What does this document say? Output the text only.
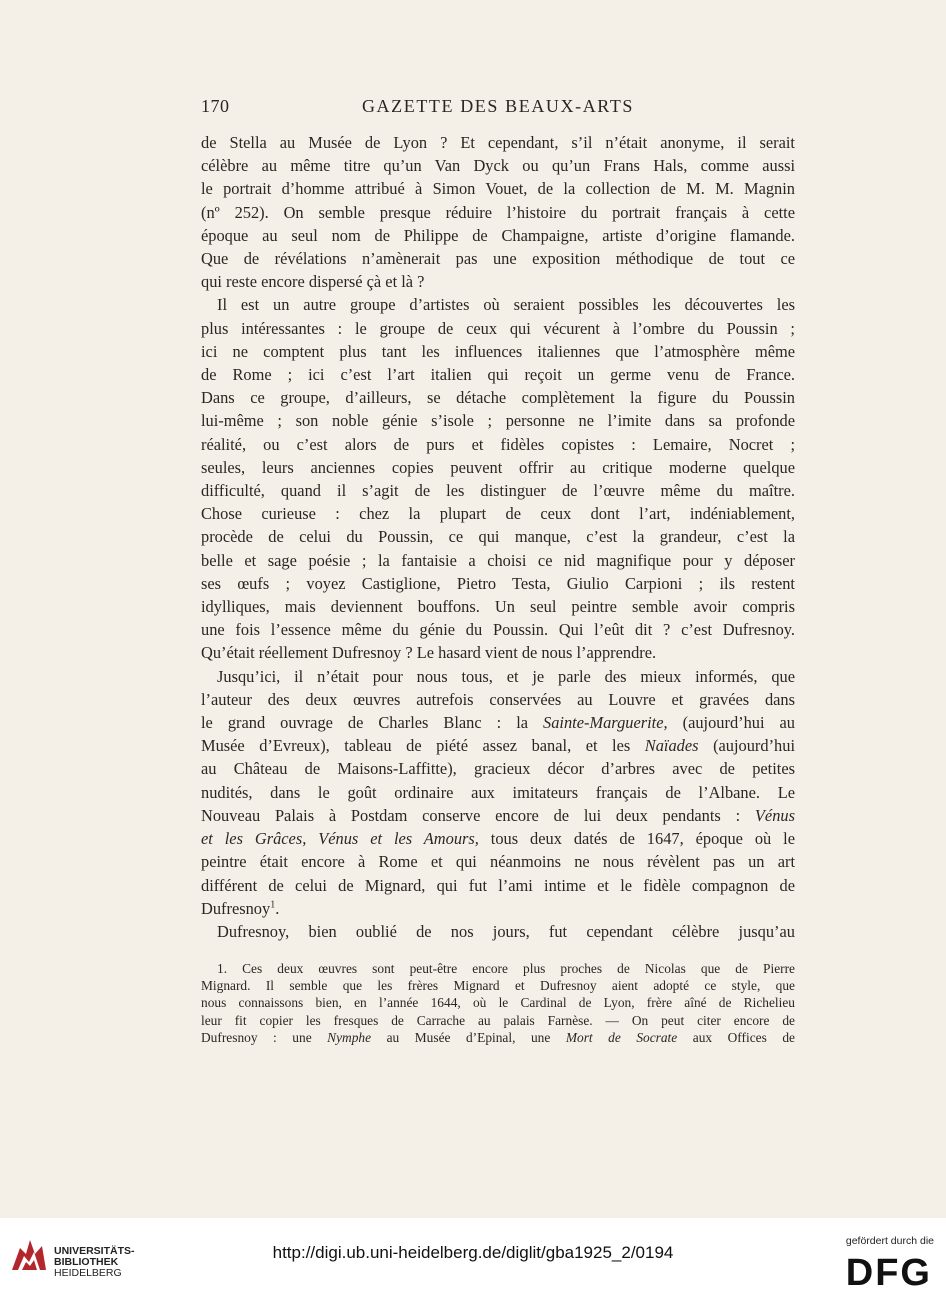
170	GAZETTE DES BEAUX-ARTS
de Stella au Musée de Lyon ? Et cependant, s’il n’était anonyme, il serait
célèbre au même titre qu’un Van Dyck ou qu’un Frans Hals, comme aussi
le portrait d’homme attribué à Simon Vouet, de la collection de M. M. Magnin
(nº 252). On semble presque réduire l’histoire du portrait français à cette
époque au seul nom de Philippe de Champaigne, artiste d’origine flamande.
Que de révélations n’amènerait pas une exposition méthodique de tout ce
qui reste encore dispersé çà et là ?
Il est un autre groupe d’artistes où seraient possibles les découvertes les
plus intéressantes : le groupe de ceux qui vécurent à l’ombre du Poussin ;
ici ne comptent plus tant les influences italiennes que l’atmosphère même
de Rome ; ici c’est l’art italien qui reçoit un germe venu de France.
Dans ce groupe, d’ailleurs, se détache complètement la figure du Poussin
lui-même ; son noble génie s’isole ; personne ne l’imite dans sa profonde
réalité, ou c’est alors de purs et fidèles copistes : Lemaire, Nocret ;
seules, leurs anciennes copies peuvent offrir au critique moderne quelque
difficulté, quand il s’agit de les distinguer de l’œuvre même du maître.
Chose curieuse : chez la plupart de ceux dont l’art, indéniablement,
procède de celui du Poussin, ce qui manque, c’est la grandeur, c’est la
belle et sage poésie ; la fantaisie a choisi ce nid magnifique pour y déposer
ses œufs ; voyez Castiglione, Pietro Testa, Giulio Carpioni ; ils restent
idylliques, mais deviennent bouffons. Un seul peintre semble avoir compris
une fois l’essence même du génie du Poussin. Qui l’eût dit ? c’est Dufresnoy.
Qu’était réellement Dufresnoy ? Le hasard vient de nous l’apprendre.
Jusqu’ici, il n’était pour nous tous, et je parle des mieux informés, que
l’auteur des deux œuvres autrefois conservées au Louvre et gravées dans
le grand ouvrage de Charles Blanc : la Sainte-Marguerite, (aujourd’hui au
Musée d’Evreux), tableau de piété assez banal, et les Naïades (aujourd’hui
au Château de Maisons-Laffitte), gracieux décor d’arbres avec de petites
nudités, dans le goût ordinaire aux imitateurs français de l’Albane. Le
Nouveau Palais à Postdam conserve encore de lui deux pendants : Vénus
et les Grâces, Vénus et les Amours, tous deux datés de 1647, époque où le
peintre était encore à Rome et qui néanmoins ne nous révèlent pas un art
différent de celui de Mignard, qui fut l’ami intime et le fidèle compagnon de
Dufresnoy$^1$.
Dufresnoy, bien oublié de nos jours, fut cependant célèbre jusqu’au
1. Ces deux œuvres sont peut-être encore plus proches de Nicolas que de Pierre
Mignard. Il semble que les frères Mignard et Dufresnoy aient adopté ce style, que
nous connaissons bien, en l’année 1644, où le Cardinal de Lyon, frère aîné de Richelieu
leur fit copier les fresques de Carrache au palais Farnèse. — On peut citer encore de
Dufresnoy : une Nymphe au Musée d’Epinal, une Mort de Socrate aux Offices de
UNIVERSITÄTS-
BIBLIOTHEK
HEIDELBERG
http://digi.ub.uni-heidelberg.de/diglit/gba1925_2/0194
gefördert durch die
DFG
